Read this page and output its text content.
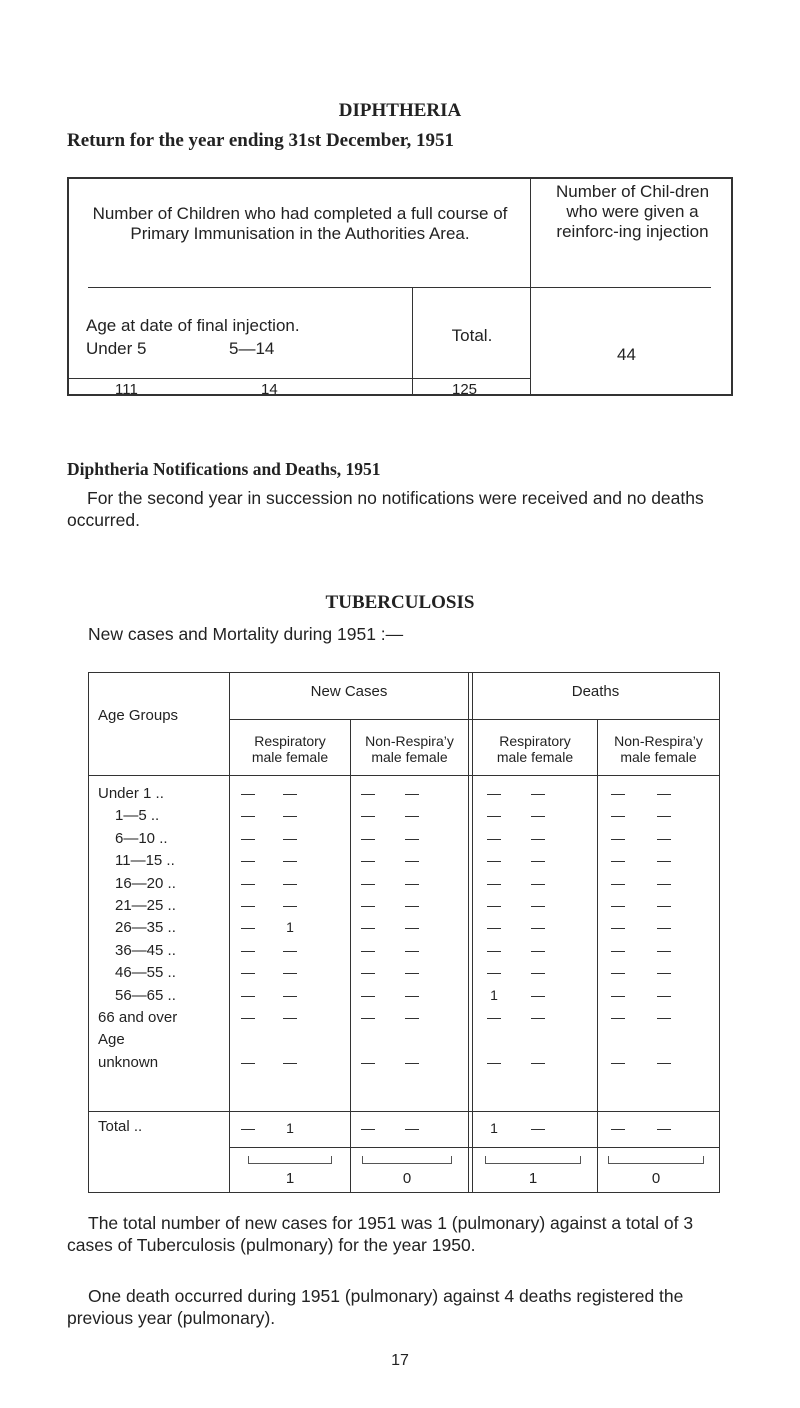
DIPHTHERIA
Return for the year ending 31st December, 1951
Number of Children who had completed a full course of Primary Immunisation in the Authorities Area.
Number of Chil-dren who were given a reinforc-ing injection
Age at date of final injection.
Under 5	5—14
Total.
44
111	14	125
Diphtheria Notifications and Deaths, 1951
For the second year in succession no notifications were received and no deaths occurred.
TUBERCULOSIS
New cases and Mortality during 1951 :—
Age Groups
New Cases	Deaths
Respiratory
male female
Non-Respira’y
male female
Respiratory
male female
Non-Respira’y
male female
Under 1 ..	—	—	—	—	—	—	—	—
1—5 ..	—	—	—	—	—	—	—	—
6—10 ..	—	—	—	—	—	—	—	—
11—15 ..	—	—	—	—	—	—	—	—
16—20 ..	—	—	—	—	—	—	—	—
21—25 ..	—	—	—	—	—	—	—	—
26—35 ..	—	1	—	—	—	—	—	—
36—45 ..	—	—	—	—	—	—	—	—
46—55 ..	—	—	—	—	—	—	—	—
56—65 ..	—	—	—	—	1	—	—	—
66 and over	—	—	—	—	—	—	—	—
Age
unknown	—	—	—	—	—	—	—	—
Total ..	—	1	—	—	1	—	—	—
1	0	1	0
The total number of new cases for 1951 was 1 (pulmonary) against a total of 3 cases of Tuberculosis (pulmonary) for the year 1950.
One death occurred during 1951 (pulmonary) against 4 deaths registered the previous year (pulmonary).
17
